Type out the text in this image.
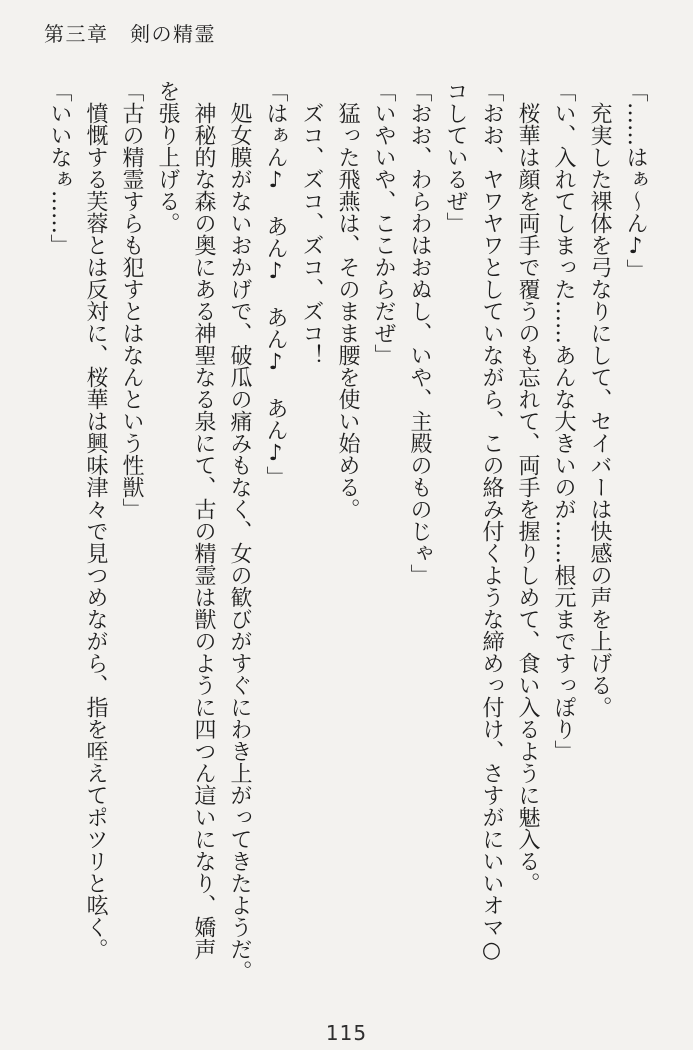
第三章　剣の精霊

「……はぁ～ん♪」

充実した裸体を弓なりにして、セイバーは快感の声を上げる。

「い、入れてしまった……あんな大きいのが……根元まですっぽり」

桜華は顔を両手で覆うのも忘れて、両手を握りしめて、食い入るように魅入る。

「おお、ヤワヤワとしていながら、この絡み付くような締めっ付け、さすがにいいオマ○

コしているぜ」

「おお、わらわはおぬし、いや、主殿のものじゃ」

「いやいや、ここからだぜ」

猛った飛燕は、そのまま腰を使い始める。

ズコ、ズコ、ズコ、ズコ！

「はぁん♪　あん♪　あん♪　あん♪」

処女膜がないおかげで、破瓜の痛みもなく、女の歓びがすぐにわき上がってきたようだ。

神秘的な森の奥にある神聖なる泉にて、古の精霊は獣のように四つん這いになり、嬌声

を張り上げる。

「古の精霊すらも犯すとはなんという性獣」

憤慨する芙蓉とは反対に、桜華は興味津々で見つめながら、指を咥えてポツリと呟く。

「いいなぁ……」

115
